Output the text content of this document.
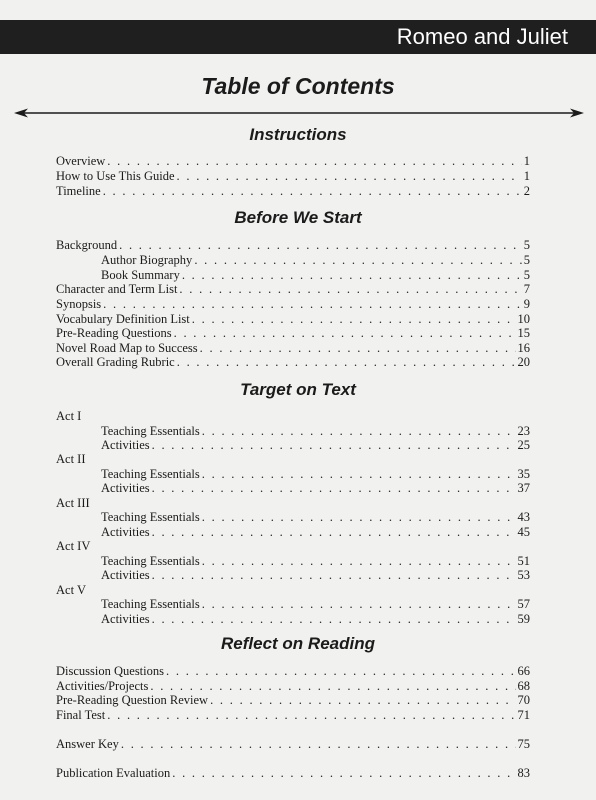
Romeo and Juliet
Table of Contents
Instructions
Overview . . .	1
How to Use This Guide . . .	1
Timeline . . .	2
Before We Start
Background . . .	5
Author Biography . . .	5
Book Summary . . .	5
Character and Term List . . .	7
Synopsis . . .	9
Vocabulary Definition List . . .	10
Pre-Reading Questions . . .	15
Novel Road Map to Success . . .	16
Overall Grading Rubric . . .	20
Target on Text
Act I
Teaching Essentials . . .	23
Activities . . .	25
Act II
Teaching Essentials . . .	35
Activities . . .	37
Act III
Teaching Essentials . . .	43
Activities . . .	45
Act IV
Teaching Essentials . . .	51
Activities . . .	53
Act V
Teaching Essentials . . .	57
Activities . . .	59
Reflect on Reading
Discussion Questions . . .	66
Activities/Projects . . .	68
Pre-Reading Question Review . . .	70
Final Test . . .	71
Answer Key . . .	75
Publication Evaluation . . .	83
